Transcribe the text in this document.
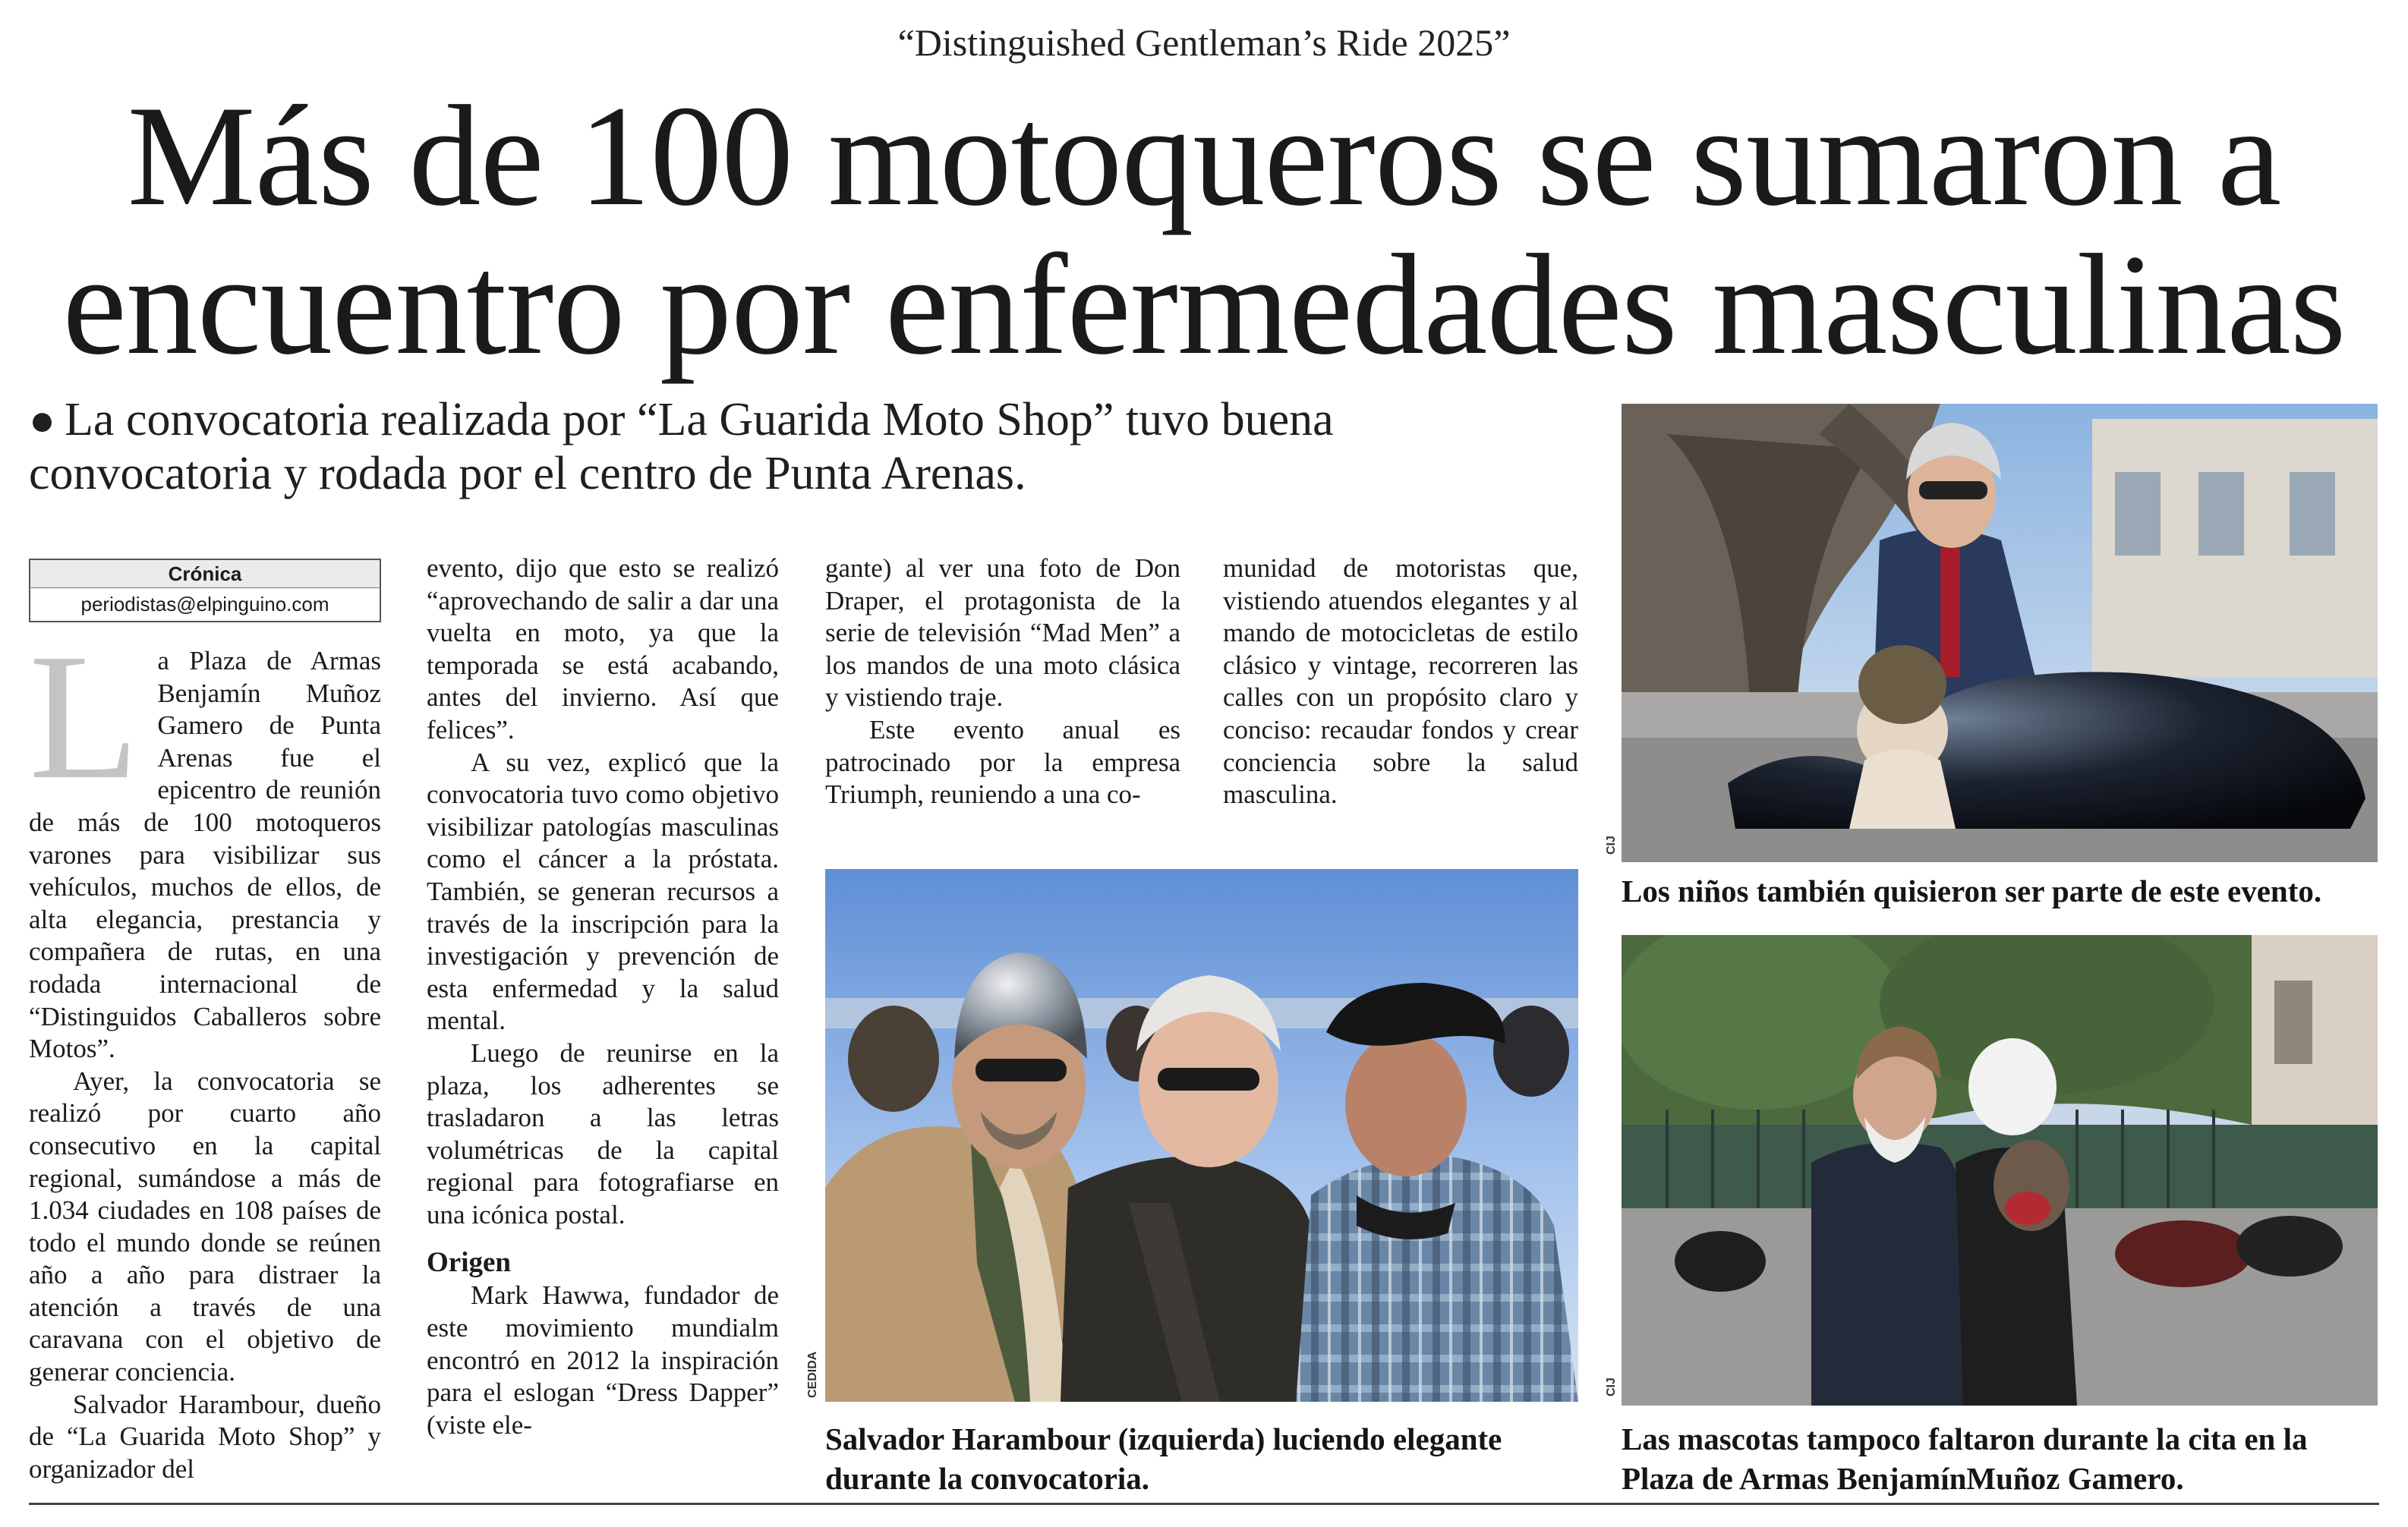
“Distinguished Gentleman’s Ride 2025”
Más de 100 motoqueros se sumaron a
encuentro por enfermedades masculinas
● La convocatoria realizada por “La Guarida Moto Shop” tuvo buena convocatoria y rodada por el centro de Punta Arenas.
Crónica
periodistas@elpinguino.com

La Plaza de Armas Benjamín Muñoz Gamero de Punta Arenas fue el epicentro de reunión de más de 100 motoqueros varones para visibilizar sus vehículos, muchos de ellos, de alta elegancia, prestancia y compañera de rutas, en una rodada internacional de “Distinguidos Caballeros sobre Motos”.

Ayer, la convocatoria se realizó por cuarto año consecutivo en la capital regional, sumándose a más de 1.034 ciudades en 108 países de todo el mundo donde se reúnen año a año para distraer la atención a través de una caravana con el objetivo de generar conciencia.

Salvador Harambour, dueño de “La Guarida Moto Shop” y organizador del

evento, dijo que esto se realizó “aprovechando de salir a dar una vuelta en moto, ya que la temporada se está acabando, antes del invierno. Así que felices”.

A su vez, explicó que la convocatoria tuvo como objetivo visibilizar patologías masculinas como el cáncer a la próstata. También, se generan recursos a través de la inscripción para la investigación y prevención de esta enfermedad y la salud mental.

Luego de reunirse en la plaza, los adherentes se trasladaron a las letras volumétricas de la capital regional para fotografiarse en una icónica postal.

Origen

Mark Hawwa, fundador de este movimiento mundialm encontró en 2012 la inspiración para el eslogan “Dress Dapper” (viste ele-

gante) al ver una foto de Don Draper, el protagonista de la serie de televisión “Mad Men” a los mandos de una moto clásica y vistiendo traje.

Este evento anual es patrocinado por la empresa Triumph, reuniendo a una co-

munidad de motoristas que, vistiendo atuendos elegantes y al mando de motocicletas de estilo clásico y vintage, recorreren las calles con un propósito claro y conciso: recaudar fondos y crear conciencia sobre la salud masculina.

CEDIDA
Salvador Harambour (izquierda) luciendo elegante durante la convocatoria.
CIJ
Los niños también quisieron ser parte de este evento.
CIJ
Las mascotas tampoco faltaron durante la cita en la Plaza de Armas BenjamínMuñoz Gamero.
